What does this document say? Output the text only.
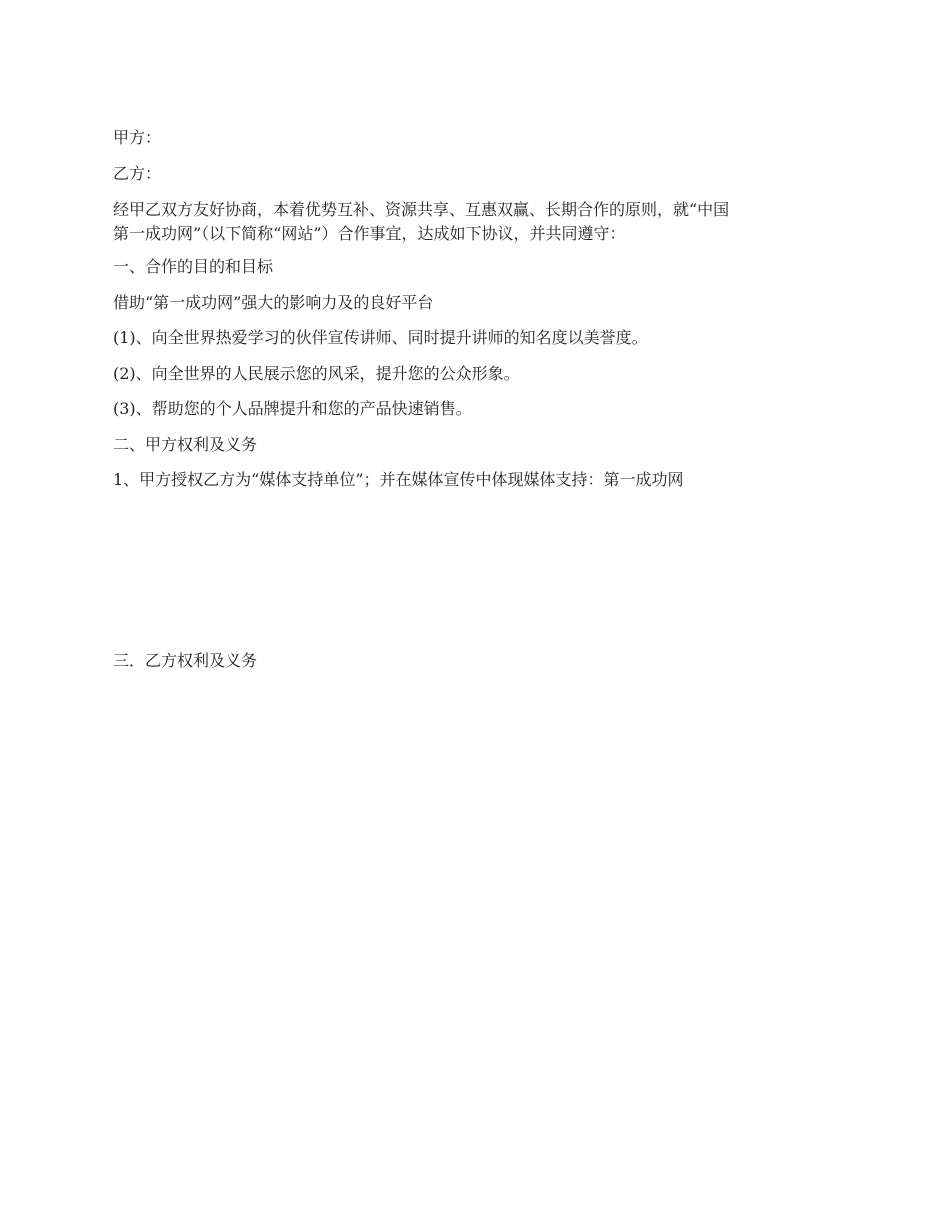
甲方：
乙方：
经甲乙双方友好协商，本着优势互补、资源共享、互惠双赢、长期合作的原则，就“中国
第一成功网”（以下简称“网站”）合作事宜，达成如下协议，并共同遵守：
一、合作的目的和目标
借助“第一成功网”强大的影响力及的良好平台
(1)、向全世界热爱学习的伙伴宣传讲师、同时提升讲师的知名度以美誉度。
(2)、向全世界的人民展示您的风采，提升您的公众形象。
(3)、帮助您的个人品牌提升和您的产品快速销售。
二、甲方权利及义务
1、甲方授权乙方为“媒体支持单位”；并在媒体宣传中体现媒体支持：第一成功网
三．乙方权利及义务
